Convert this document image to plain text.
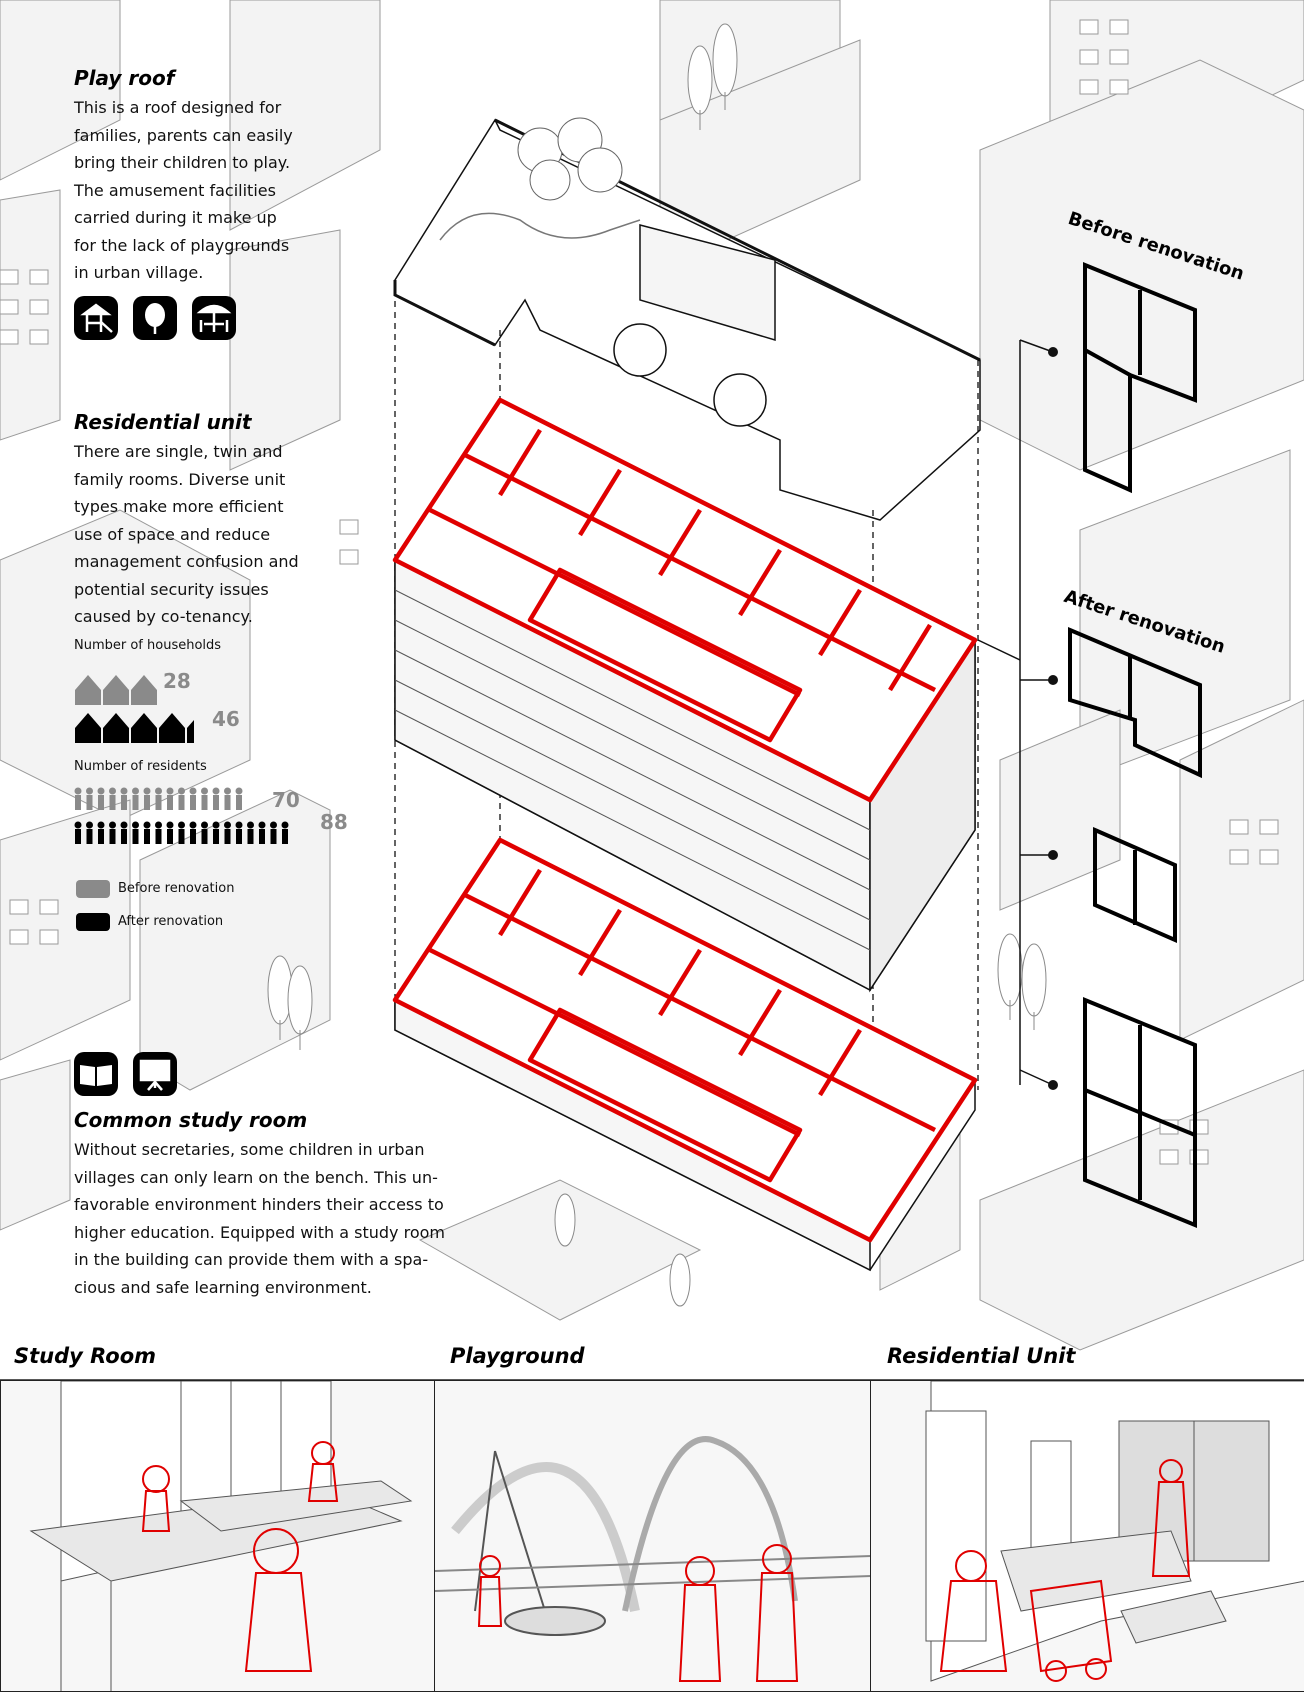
Play roof
This is a roof designed for
families, parents can easily
bring their children to play.
The amusement facilities
carried during it make up
for the lack of playgrounds
in urban village.
Residential unit
There are single, twin and
family rooms. Diverse unit
types make more efficient
use of space and reduce
management confusion and
potential security issues
caused by co-tenancy.
Number of households
28
46
Number of residents
70
88
Before renovation
After renovation
Common study room
Without secretaries, some children in urban
villages can only learn on the bench. This un-
favorable environment hinders their access to
higher education. Equipped with a study room
in the building can provide them with a spa-
cious and safe learning environment.
Before renovation
After renovation
Study Room	Playground	Residential Unit
